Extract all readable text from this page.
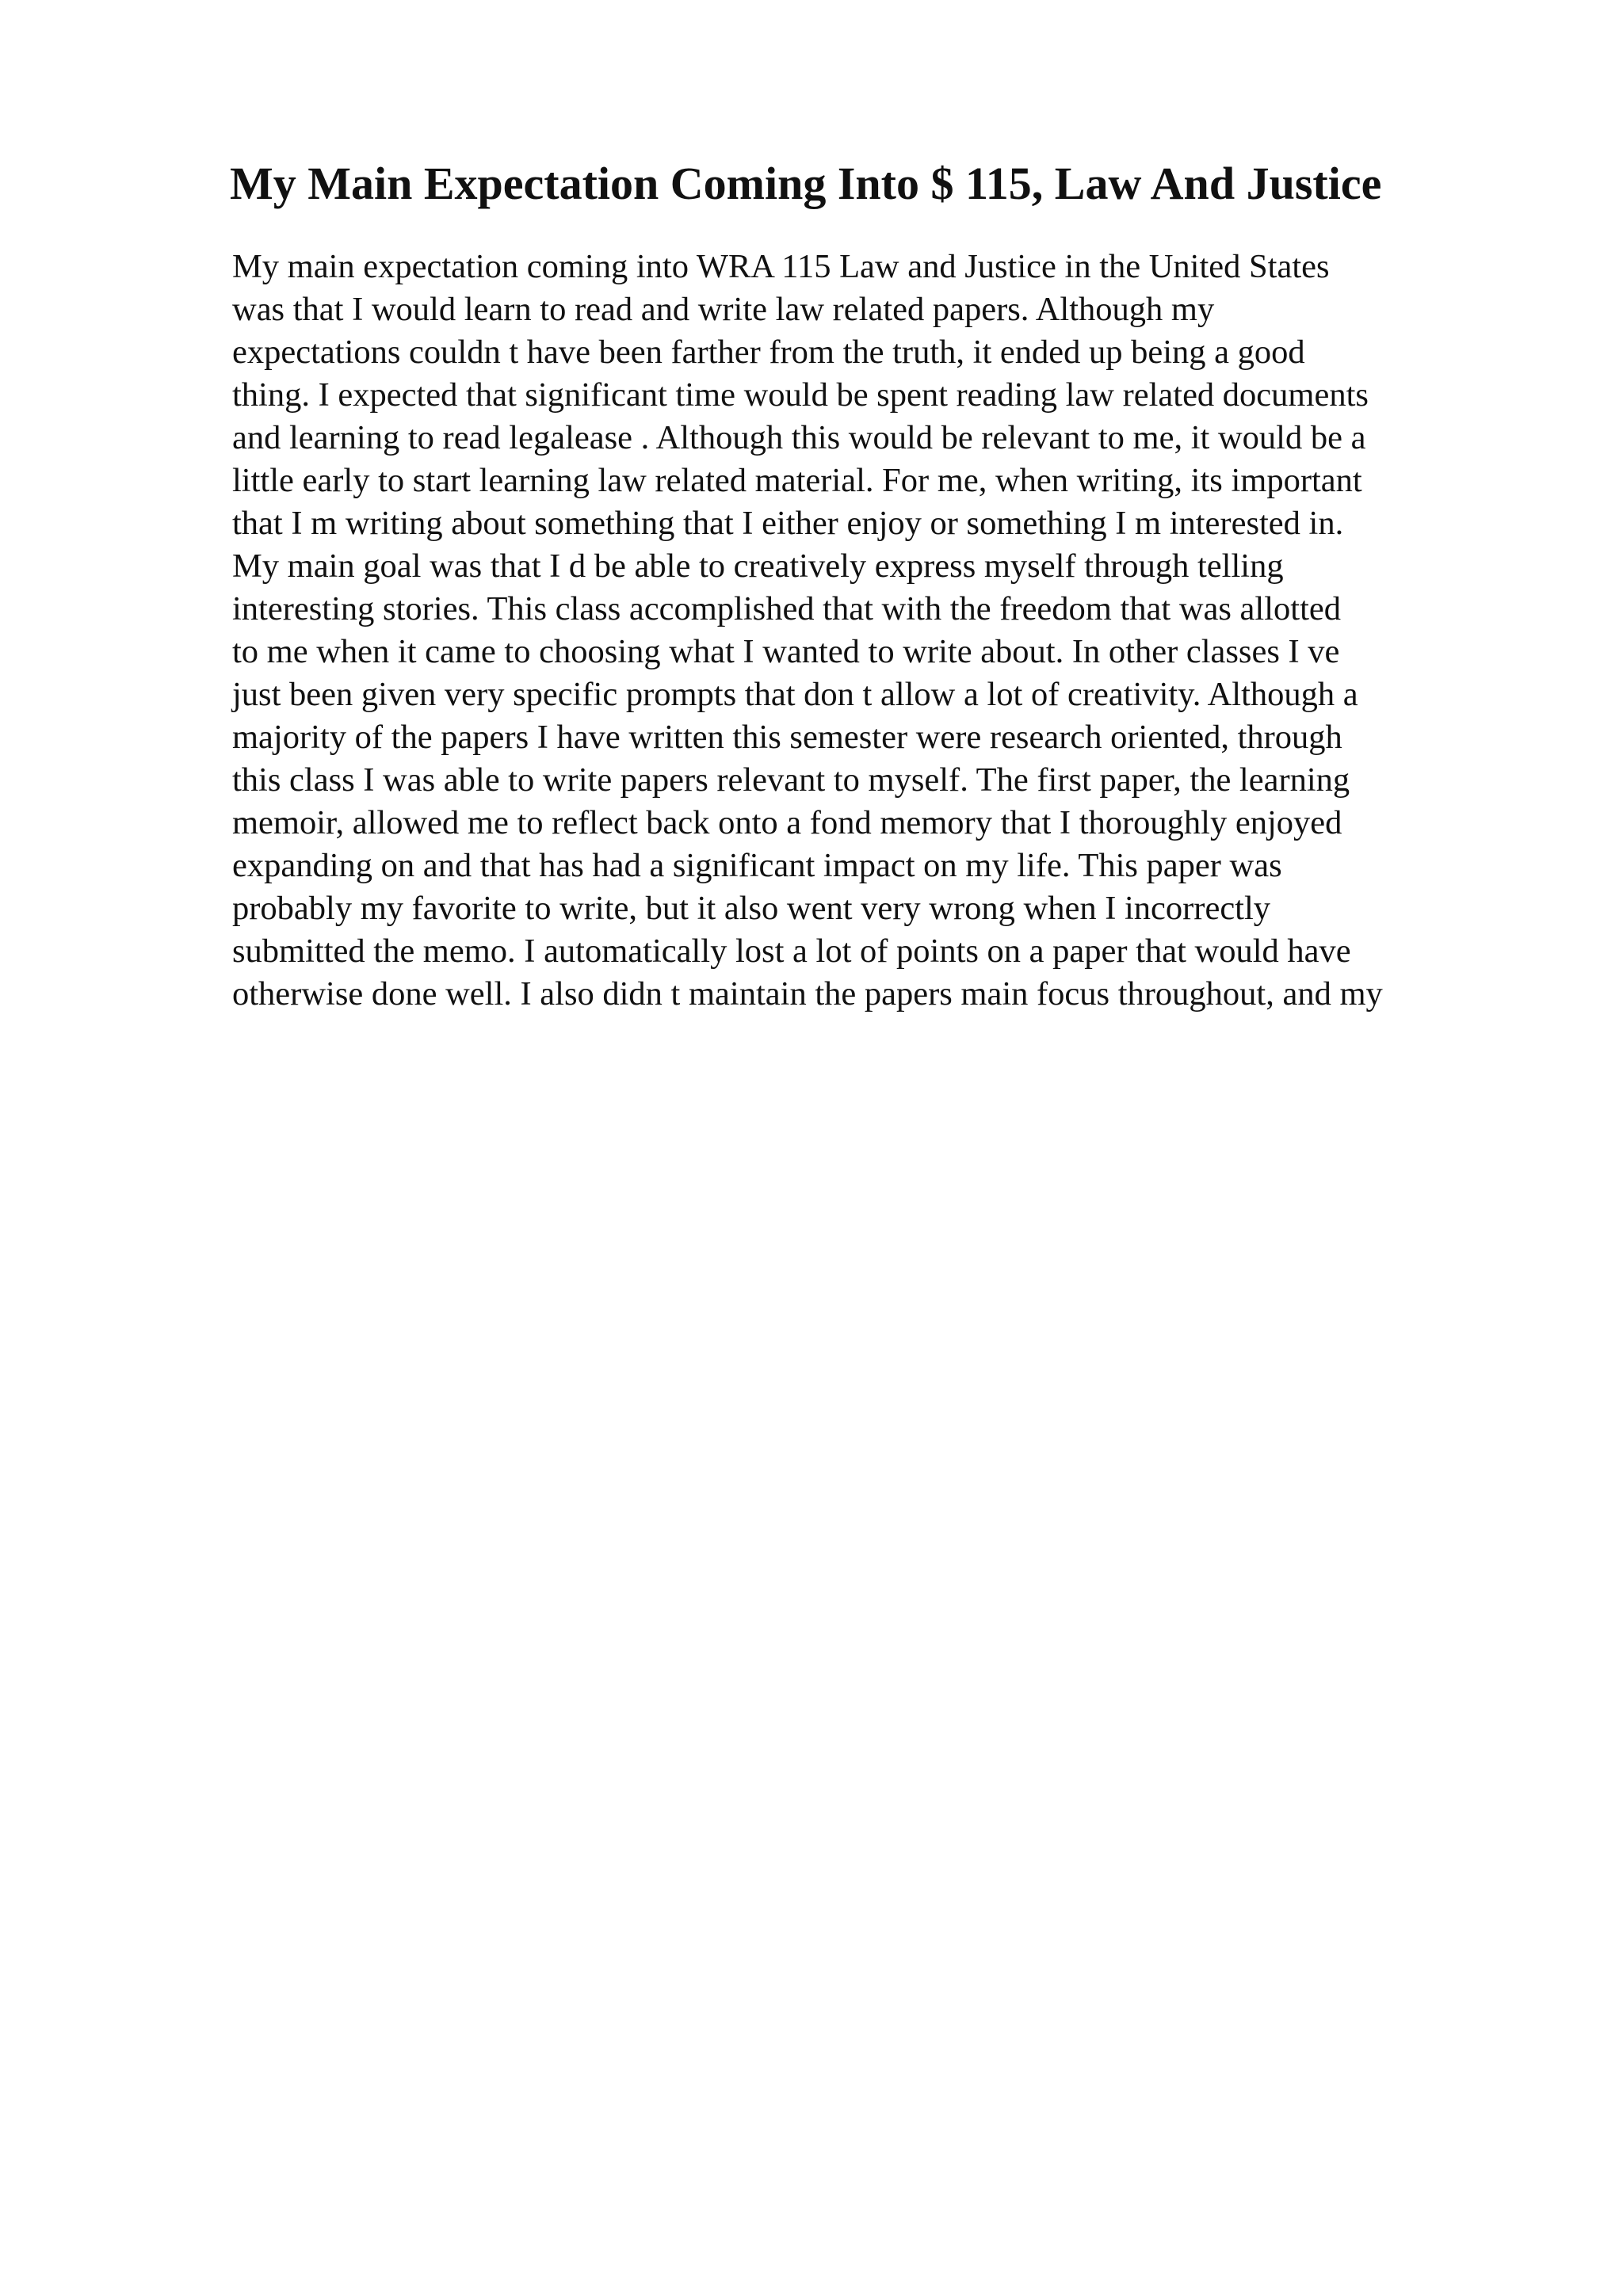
My Main Expectation Coming Into $ 115, Law And Justice

My main expectation coming into WRA 115 Law and Justice in the United States
was that I would learn to read and write law related papers. Although my
expectations couldn t have been farther from the truth, it ended up being a good
thing. I expected that significant time would be spent reading law related documents
and learning to read legalease . Although this would be relevant to me, it would be a
little early to start learning law related material. For me, when writing, its important
that I m writing about something that I either enjoy or something I m interested in.
My main goal was that I d be able to creatively express myself through telling
interesting stories. This class accomplished that with the freedom that was allotted
to me when it came to choosing what I wanted to write about. In other classes I ve
just been given very specific prompts that don t allow a lot of creativity. Although a
majority of the papers I have written this semester were research oriented, through
this class I was able to write papers relevant to myself. The first paper, the learning
memoir, allowed me to reflect back onto a fond memory that I thoroughly enjoyed
expanding on and that has had a significant impact on my life. This paper was
probably my favorite to write, but it also went very wrong when I incorrectly
submitted the memo. I automatically lost a lot of points on a paper that would have
otherwise done well. I also didn t maintain the papers main focus throughout, and my
